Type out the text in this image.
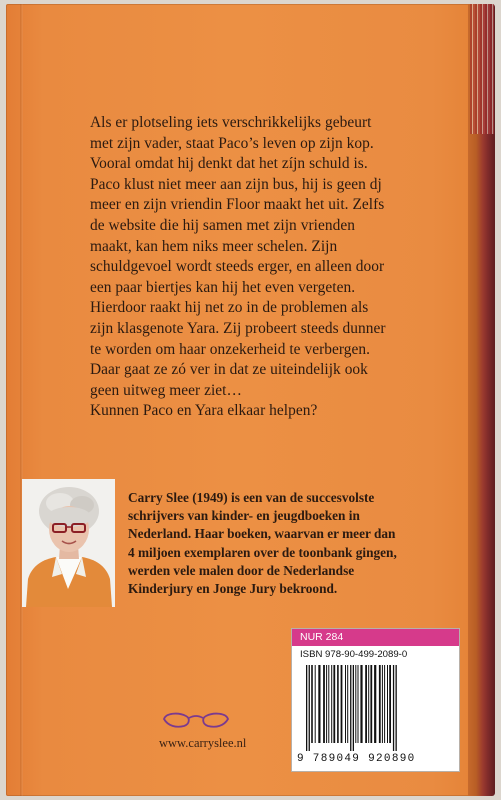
Als er plotseling iets verschrikkelijks gebeurt
met zijn vader, staat Paco’s leven op zijn kop.
Vooral omdat hij denkt dat het zíjn schuld is.
Paco klust niet meer aan zijn bus, hij is geen dj
meer en zijn vriendin Floor maakt het uit. Zelfs
de website die hij samen met zijn vrienden
maakt, kan hem niks meer schelen. Zijn
schuldgevoel wordt steeds erger, en alleen door
een paar biertjes kan hij het even vergeten.
Hierdoor raakt hij net zo in de problemen als
zijn klasgenote Yara. Zij probeert steeds dunner
te worden om haar onzekerheid te verbergen.
Daar gaat ze zó ver in dat ze uiteindelijk ook
geen uitweg meer ziet…
Kunnen Paco en Yara elkaar helpen?
Carry Slee (1949) is een van de succesvolste
schrijvers van kinder- en jeugdboeken in
Nederland. Haar boeken, waarvan er meer dan
4 miljoen exemplaren over de toonbank gingen,
werden vele malen door de Nederlandse
Kinderjury en Jonge Jury bekroond.
NUR 284
ISBN 978-90-499-2089-0
9 789049 920890
www.carryslee.nl
